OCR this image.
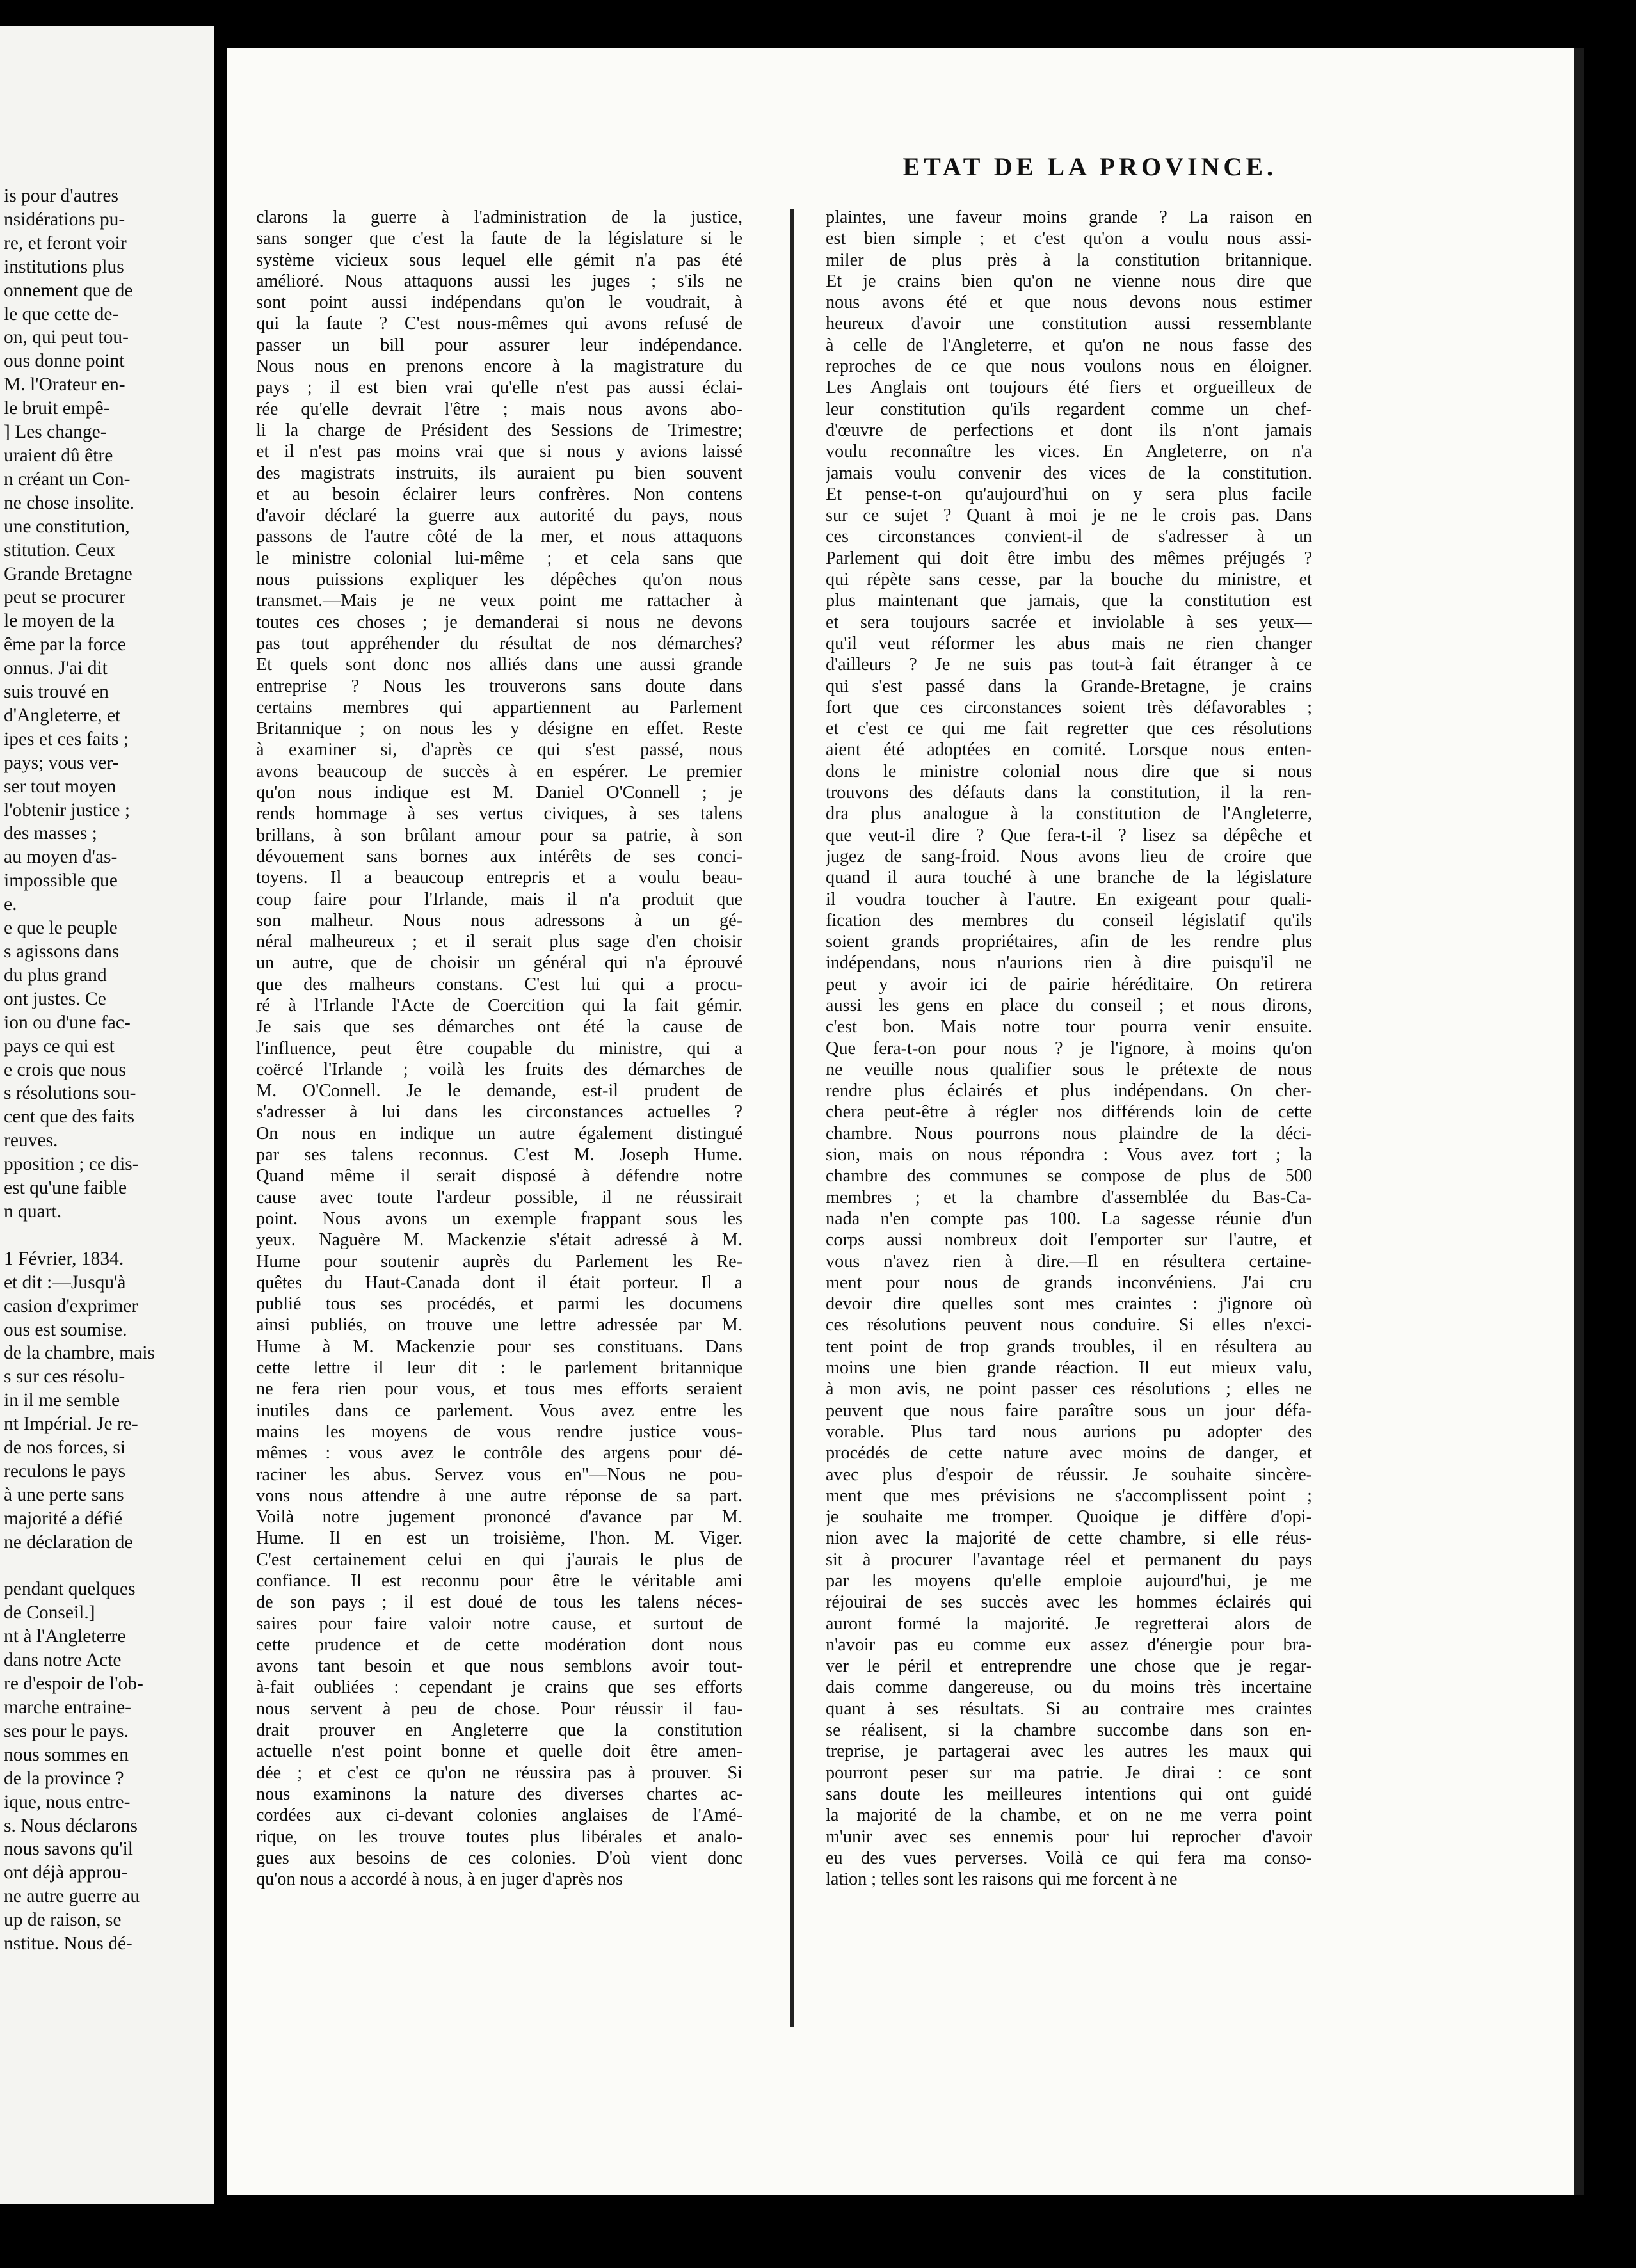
is pour d'autres

nsidérations pu-

re, et feront voir

institutions plus

onnement que de

le que cette de-

on, qui peut tou-

ous donne point

M. l'Orateur en-

le bruit empê-

] Les change-

uraient dû être

n créant un Con-

ne chose insolite.

une constitution,

stitution. Ceux

Grande Bretagne

peut se procurer

le moyen de la

ême par la force

onnus. J'ai dit

suis trouvé en

d'Angleterre, et

ipes et ces faits ;

pays; vous ver-

ser tout moyen

l'obtenir justice ;

des masses ;

au moyen d'as-

impossible que

e.

e que le peuple

s agissons dans

du plus grand

ont justes. Ce

ion ou d'une fac-

pays ce qui est

e crois que nous

s résolutions sou-

cent que des faits

reuves.

pposition ; ce dis-

est qu'une faible

n quart.

1 Février, 1834.

et dit :—Jusqu'à

casion d'exprimer

ous est soumise.

de la chambre, mais

s sur ces résolu-

in il me semble

nt Impérial. Je re-

de nos forces, si

reculons le pays

à une perte sans

majorité a défié

ne déclaration de

pendant quelques

de Conseil.]

nt à l'Angleterre

dans notre Acte

re d'espoir de l'ob-

marche entraine-

ses pour le pays.

nous sommes en

de la province ?

ique, nous entre-

s. Nous déclarons

nous savons qu'il

ont déjà approu-

ne autre guerre au

up de raison, se

nstitue. Nous dé-

ETAT DE LA PROVINCE.

clarons la guerre à l'administration de la justice,

sans songer que c'est la faute de la législature si le

système vicieux sous lequel elle gémit n'a pas été

amélioré. Nous attaquons aussi les juges ; s'ils ne

sont point aussi indépendans qu'on le voudrait, à

qui la faute ? C'est nous-mêmes qui avons refusé de

passer un bill pour assurer leur indépendance.

Nous nous en prenons encore à la magistrature du

pays ; il est bien vrai qu'elle n'est pas aussi éclai-

rée qu'elle devrait l'être ; mais nous avons abo-

li la charge de Président des Sessions de Trimestre;

et il n'est pas moins vrai que si nous y avions laissé

des magistrats instruits, ils auraient pu bien souvent

et au besoin éclairer leurs confrères. Non contens

d'avoir déclaré la guerre aux autorité du pays, nous

passons de l'autre côté de la mer, et nous attaquons

le ministre colonial lui-même ; et cela sans que

nous puissions expliquer les dépêches qu'on nous

transmet.—Mais je ne veux point me rattacher à

toutes ces choses ; je demanderai si nous ne devons

pas tout appréhender du résultat de nos démarches?

Et quels sont donc nos alliés dans une aussi grande

entreprise ? Nous les trouverons sans doute dans

certains membres qui appartiennent au Parlement

Britannique ; on nous les y désigne en effet. Reste

à examiner si, d'après ce qui s'est passé, nous

avons beaucoup de succès à en espérer. Le premier

qu'on nous indique est M. Daniel O'Connell ; je

rends hommage à ses vertus civiques, à ses talens

brillans, à son brûlant amour pour sa patrie, à son

dévouement sans bornes aux intérêts de ses conci-

toyens. Il a beaucoup entrepris et a voulu beau-

coup faire pour l'Irlande, mais il n'a produit que

son malheur. Nous nous adressons à un gé-

néral malheureux ; et il serait plus sage d'en choisir

un autre, que de choisir un général qui n'a éprouvé

que des malheurs constans. C'est lui qui a procu-

ré à l'Irlande l'Acte de Coercition qui la fait gémir.

Je sais que ses démarches ont été la cause de

l'influence, peut être coupable du ministre, qui a

coërcé l'Irlande ; voilà les fruits des démarches de

M. O'Connell. Je le demande, est-il prudent de

s'adresser à lui dans les circonstances actuelles ?

On nous en indique un autre également distingué

par ses talens reconnus. C'est M. Joseph Hume.

Quand même il serait disposé à défendre notre

cause avec toute l'ardeur possible, il ne réussirait

point. Nous avons un exemple frappant sous les

yeux. Naguère M. Mackenzie s'était adressé à M.

Hume pour soutenir auprès du Parlement les Re-

quêtes du Haut-Canada dont il était porteur. Il a

publié tous ses procédés, et parmi les documens

ainsi publiés, on trouve une lettre adressée par M.

Hume à M. Mackenzie pour ses constituans. Dans

cette lettre il leur dit : le parlement britannique

ne fera rien pour vous, et tous mes efforts seraient

inutiles dans ce parlement. Vous avez entre les

mains les moyens de vous rendre justice vous-

mêmes : vous avez le contrôle des argens pour dé-

raciner les abus. Servez vous en"—Nous ne pou-

vons nous attendre à une autre réponse de sa part.

Voilà notre jugement prononcé d'avance par M.

Hume. Il en est un troisième, l'hon. M. Viger.

C'est certainement celui en qui j'aurais le plus de

confiance. Il est reconnu pour être le véritable ami

de son pays ; il est doué de tous les talens néces-

saires pour faire valoir notre cause, et surtout de

cette prudence et de cette modération dont nous

avons tant besoin et que nous semblons avoir tout-

à-fait oubliées : cependant je crains que ses efforts

nous servent à peu de chose. Pour réussir il fau-

drait prouver en Angleterre que la constitution

actuelle n'est point bonne et quelle doit être amen-

dée ; et c'est ce qu'on ne réussira pas à prouver. Si

nous examinons la nature des diverses chartes ac-

cordées aux ci-devant colonies anglaises de l'Amé-

rique, on les trouve toutes plus libérales et analo-

gues aux besoins de ces colonies. D'où vient donc

qu'on nous a accordé à nous, à en juger d'après nos

plaintes, une faveur moins grande ? La raison en

est bien simple ; et c'est qu'on a voulu nous assi-

miler de plus près à la constitution britannique.

Et je crains bien qu'on ne vienne nous dire que

nous avons été et que nous devons nous estimer

heureux d'avoir une constitution aussi ressemblante

à celle de l'Angleterre, et qu'on ne nous fasse des

reproches de ce que nous voulons nous en éloigner.

Les Anglais ont toujours été fiers et orgueilleux de

leur constitution qu'ils regardent comme un chef-

d'œuvre de perfections et dont ils n'ont jamais

voulu reconnaître les vices. En Angleterre, on n'a

jamais voulu convenir des vices de la constitution.

Et pense-t-on qu'aujourd'hui on y sera plus facile

sur ce sujet ? Quant à moi je ne le crois pas. Dans

ces circonstances convient-il de s'adresser à un

Parlement qui doit être imbu des mêmes préjugés ?

qui répète sans cesse, par la bouche du ministre, et

plus maintenant que jamais, que la constitution est

et sera toujours sacrée et inviolable à ses yeux—

qu'il veut réformer les abus mais ne rien changer

d'ailleurs ? Je ne suis pas tout-à fait étranger à ce

qui s'est passé dans la Grande-Bretagne, je crains

fort que ces circonstances soient très défavorables ;

et c'est ce qui me fait regretter que ces résolutions

aient été adoptées en comité. Lorsque nous enten-

dons le ministre colonial nous dire que si nous

trouvons des défauts dans la constitution, il la ren-

dra plus analogue à la constitution de l'Angleterre,

que veut-il dire ? Que fera-t-il ? lisez sa dépêche et

jugez de sang-froid. Nous avons lieu de croire que

quand il aura touché à une branche de la législature

il voudra toucher à l'autre. En exigeant pour quali-

fication des membres du conseil législatif qu'ils

soient grands propriétaires, afin de les rendre plus

indépendans, nous n'aurions rien à dire puisqu'il ne

peut y avoir ici de pairie héréditaire. On retirera

aussi les gens en place du conseil ; et nous dirons,

c'est bon. Mais notre tour pourra venir ensuite.

Que fera-t-on pour nous ? je l'ignore, à moins qu'on

ne veuille nous qualifier sous le prétexte de nous

rendre plus éclairés et plus indépendans. On cher-

chera peut-être à régler nos différends loin de cette

chambre. Nous pourrons nous plaindre de la déci-

sion, mais on nous répondra : Vous avez tort ; la

chambre des communes se compose de plus de 500

membres ; et la chambre d'assemblée du Bas-Ca-

nada n'en compte pas 100. La sagesse réunie d'un

corps aussi nombreux doit l'emporter sur l'autre, et

vous n'avez rien à dire.—Il en résultera certaine-

ment pour nous de grands inconvéniens. J'ai cru

devoir dire quelles sont mes craintes : j'ignore où

ces résolutions peuvent nous conduire. Si elles n'exci-

tent point de trop grands troubles, il en résultera au

moins une bien grande réaction. Il eut mieux valu,

à mon avis, ne point passer ces résolutions ; elles ne

peuvent que nous faire paraître sous un jour défa-

vorable. Plus tard nous aurions pu adopter des

procédés de cette nature avec moins de danger, et

avec plus d'espoir de réussir. Je souhaite sincère-

ment que mes prévisions ne s'accomplissent point ;

je souhaite me tromper. Quoique je diffère d'opi-

nion avec la majorité de cette chambre, si elle réus-

sit à procurer l'avantage réel et permanent du pays

par les moyens qu'elle emploie aujourd'hui, je me

réjouirai de ses succès avec les hommes éclairés qui

auront formé la majorité. Je regretterai alors de

n'avoir pas eu comme eux assez d'énergie pour bra-

ver le péril et entreprendre une chose que je regar-

dais comme dangereuse, ou du moins très incertaine

quant à ses résultats. Si au contraire mes craintes

se réalisent, si la chambre succombe dans son en-

treprise, je partagerai avec les autres les maux qui

pourront peser sur ma patrie. Je dirai : ce sont

sans doute les meilleures intentions qui ont guidé

la majorité de la chambe, et on ne me verra point

m'unir avec ses ennemis pour lui reprocher d'avoir

eu des vues perverses. Voilà ce qui fera ma conso-

lation ; telles sont les raisons qui me forcent à ne
